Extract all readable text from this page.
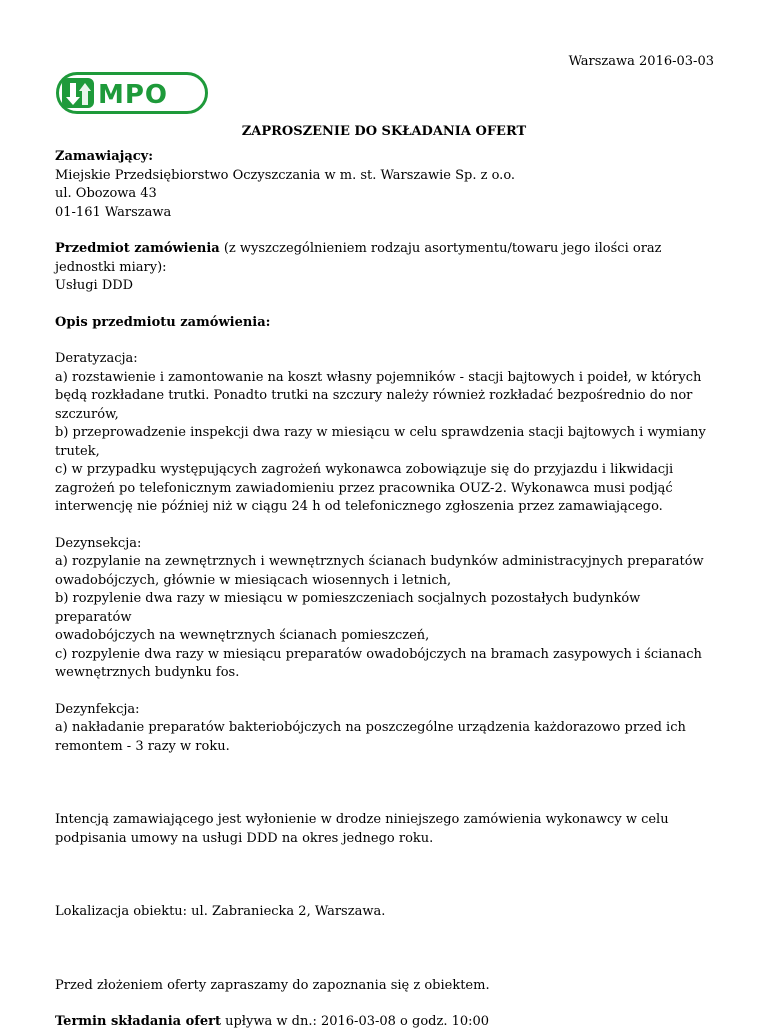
Warszawa 2016-03-03
MPO
ZAPROSZENIE DO SKŁADANIA OFERT

Zamawiający:

Miejskie Przedsiębiorstwo Oczyszczania w m. st. Warszawie Sp. z o.o.

ul. Obozowa 43

01-161 Warszawa

Przedmiot zamówienia (z wyszczególnieniem rodzaju asortymentu/towaru jego ilości oraz

jednostki miary):

Usługi DDD

Opis przedmiotu zamówienia:

Deratyzacja:

a) rozstawienie i zamontowanie na koszt własny pojemników - stacji bajtowych i poideł, w których

będą rozkładane trutki. Ponadto trutki na szczury należy również rozkładać bezpośrednio do nor

szczurów,

b) przeprowadzenie inspekcji dwa razy w miesiącu w celu sprawdzenia stacji bajtowych i wymiany

trutek,

c) w przypadku występujących zagrożeń wykonawca zobowiązuje się do przyjazdu i likwidacji

zagrożeń po telefonicznym zawiadomieniu przez pracownika OUZ-2. Wykonawca musi podjąć

interwencję nie później niż w ciągu 24 h od telefonicznego zgłoszenia przez zamawiającego.

Dezynsekcja:

a) rozpylanie na zewnętrznych i wewnętrznych ścianach budynków administracyjnych preparatów

owadobójczych, głównie w miesiącach wiosennych i letnich,

b) rozpylenie dwa razy w miesiącu w pomieszczeniach socjalnych pozostałych budynków preparatów

owadobójczych na wewnętrznych ścianach pomieszczeń,

c) rozpylenie dwa razy w miesiącu preparatów owadobójczych na bramach zasypowych i ścianach

wewnętrznych budynku fos.

Dezynfekcja:

a) nakładanie preparatów bakteriobójczych na poszczególne urządzenia każdorazowo przed ich

remontem - 3 razy w roku.

Intencją zamawiającego jest wyłonienie w drodze niniejszego zamówienia wykonawcy w celu

podpisania umowy na usługi DDD na okres jednego roku.

Lokalizacja obiektu: ul. Zabraniecka 2, Warszawa.

Przed złożeniem oferty zapraszamy do zapoznania się z obiektem.

Termin składania ofert upływa w dn.: 2016-03-08 o godz. 10:00
